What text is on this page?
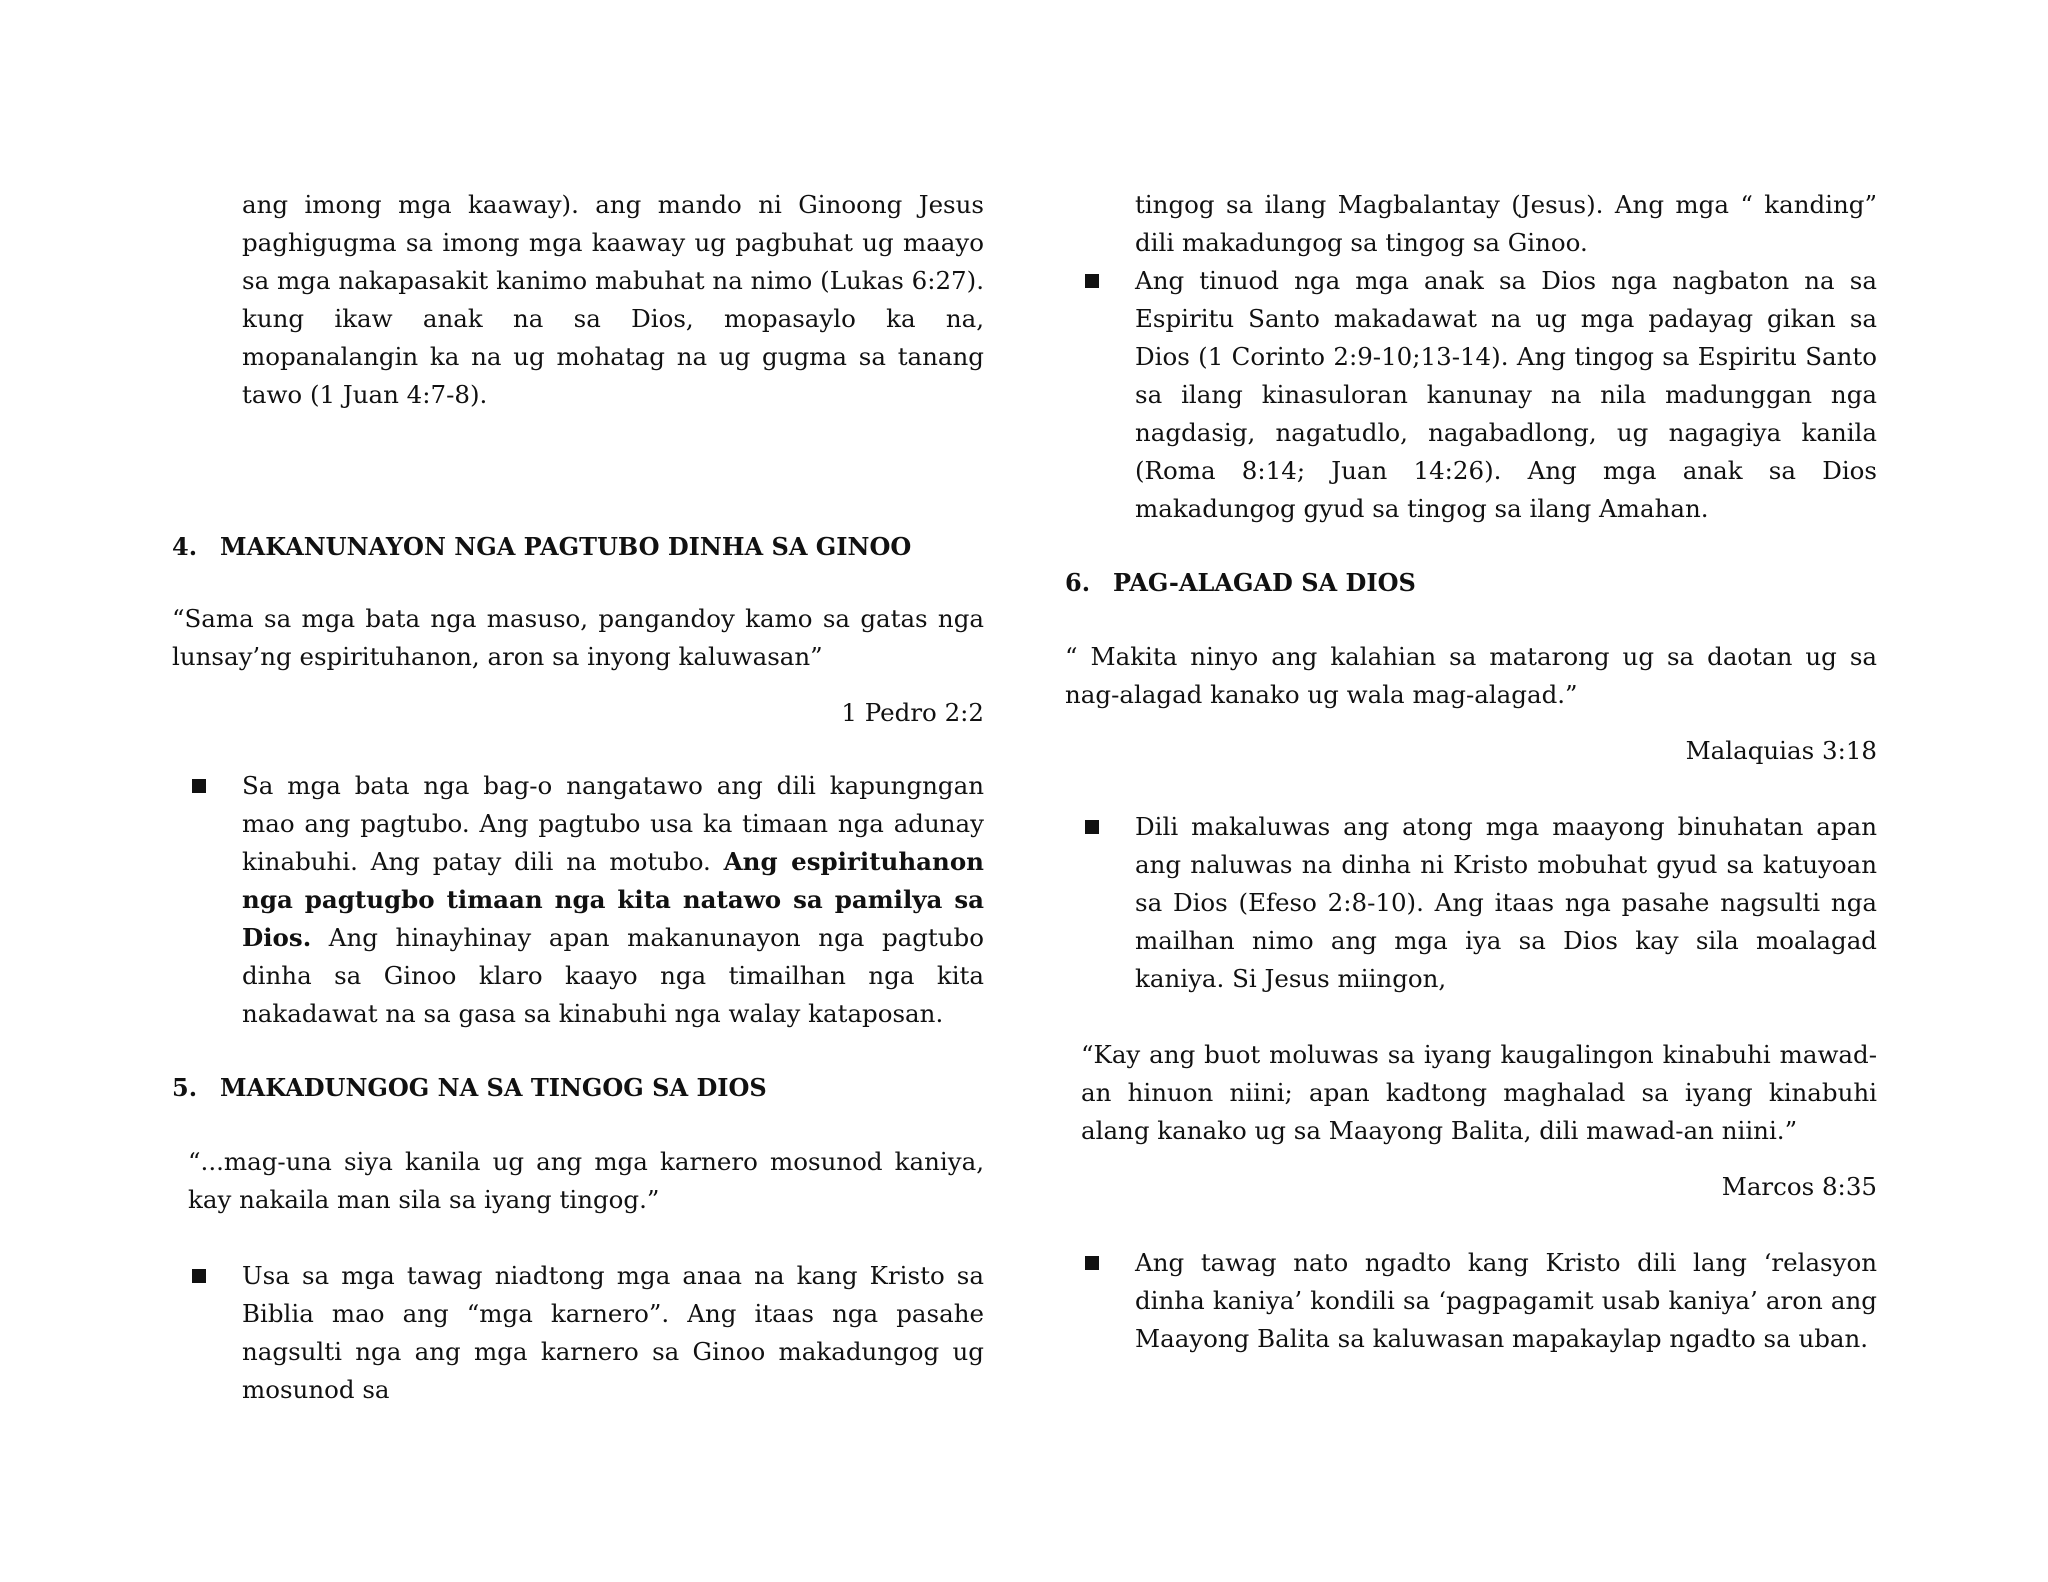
ang imong mga kaaway). ang mando ni Ginoong Jesus paghigugma sa imong mga kaaway ug pagbuhat ug maayo sa mga nakapasakit kanimo mabuhat na nimo (Lukas 6:27). kung ikaw anak na sa Dios, mopasaylo ka na, mopanalangin ka na ug mohatag na ug gugma sa tanang tawo (1 Juan 4:7-8).

4. MAKANUNAYON NGA PAGTUBO DINHA SA GINOO

“Sama sa mga bata nga masuso, pangandoy kamo sa gatas nga lunsay’ng espirituhanon, aron sa inyong kaluwasan”

1 Pedro 2:2

Sa mga bata nga bag-o nangatawo ang dili kapungngan mao ang pagtubo. Ang pagtubo usa ka timaan nga adunay kinabuhi. Ang patay dili na motubo. Ang espirituhanon nga pagtugbo timaan nga kita natawo sa pamilya sa Dios. Ang hinayhinay apan makanunayon nga pagtubo dinha sa Ginoo klaro kaayo nga timailhan nga kita nakadawat na sa gasa sa kinabuhi nga walay kataposan.

5. MAKADUNGOG NA SA TINGOG SA DIOS

“...mag-una siya kanila ug ang mga karnero mosunod kaniya, kay nakaila man sila sa iyang tingog.”

Usa sa mga tawag niadtong mga anaa na kang Kristo sa Biblia mao ang “mga karnero”. Ang itaas nga pasahe nagsulti nga ang mga karnero sa Ginoo makadungog ug mosunod sa

tingog sa ilang Magbalantay (Jesus). Ang mga “ kanding” dili makadungog sa tingog sa Ginoo.

Ang tinuod nga mga anak sa Dios nga nagbaton na sa Espiritu Santo makadawat na ug mga padayag gikan sa Dios (1 Corinto 2:9-10;13-14). Ang tingog sa Espiritu Santo sa ilang kinasuloran kanunay na nila madunggan nga nagdasig, nagatudlo, nagabadlong, ug nagagiya kanila (Roma 8:14; Juan 14:26). Ang mga anak sa Dios makadungog gyud sa tingog sa ilang Amahan.

6. PAG-ALAGAD SA DIOS

“ Makita ninyo ang kalahian sa matarong ug sa daotan ug sa nag-alagad kanako ug wala mag-alagad.”

Malaquias 3:18

Dili makaluwas ang atong mga maayong binuhatan apan ang naluwas na dinha ni Kristo mobuhat gyud sa katuyoan sa Dios (Efeso 2:8-10). Ang itaas nga pasahe nagsulti nga mailhan nimo ang mga iya sa Dios kay sila moalagad kaniya. Si Jesus miingon,

“Kay ang buot moluwas sa iyang kaugalingon kinabuhi mawad-an hinuon niini; apan kadtong maghalad sa iyang kinabuhi alang kanako ug sa Maayong Balita, dili mawad-an niini.”

Marcos 8:35

Ang tawag nato ngadto kang Kristo dili lang ‘relasyon dinha kaniya’ kondili sa ‘pagpagamit usab kaniya’ aron ang Maayong Balita sa kaluwasan mapakaylap ngadto sa uban.
